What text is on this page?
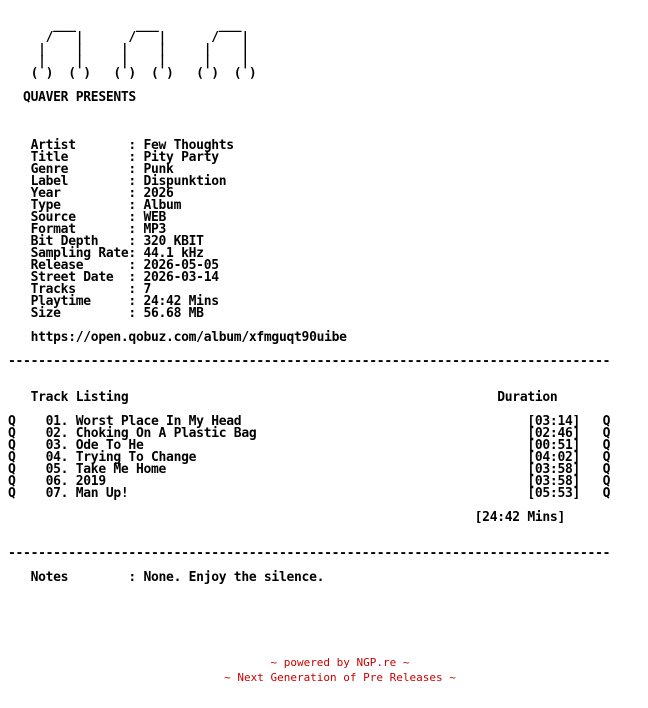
___        ___        ___
/   |      /   |      /   |
|    |     |    |     |    |
|    |     |    |     |    |
( )  ( )   ( )  ( )   ( )  ( )

QUAVER PRESENTS

Artist       : Few Thoughts
Title        : Pity Party
Genre        : Punk
Label        : Dispunktion
Year         : 2026
Type         : Album
Source       : WEB
Format       : MP3
Bit Depth    : 320 KBIT
Sampling Rate: 44.1 kHz
Release      : 2026-05-05
Street Date  : 2026-03-14
Tracks       : 7
Playtime     : 24:42 Mins
Size         : 56.68 MB

https://open.qobuz.com/album/xfmguqt90uibe

--------------------------------------------------------------------------------

Track Listing                                                 Duration

Q    01. Worst Place In My Head                                      [03:14]   Q
Q    02. Choking On A Plastic Bag                                    [02:46]   Q
Q    03. Ode To He                                                   [00:51]   Q
Q    04. Trying To Change                                            [04:02]   Q
Q    05. Take Me Home                                                [03:58]   Q
Q    06. 2019                                                        [03:58]   Q
Q    07. Man Up!                                                     [05:53]   Q

[24:42 Mins]

--------------------------------------------------------------------------------

Notes        : None. Enjoy the silence.

~ powered by NGP.re ~
~ Next Generation of Pre Releases ~
